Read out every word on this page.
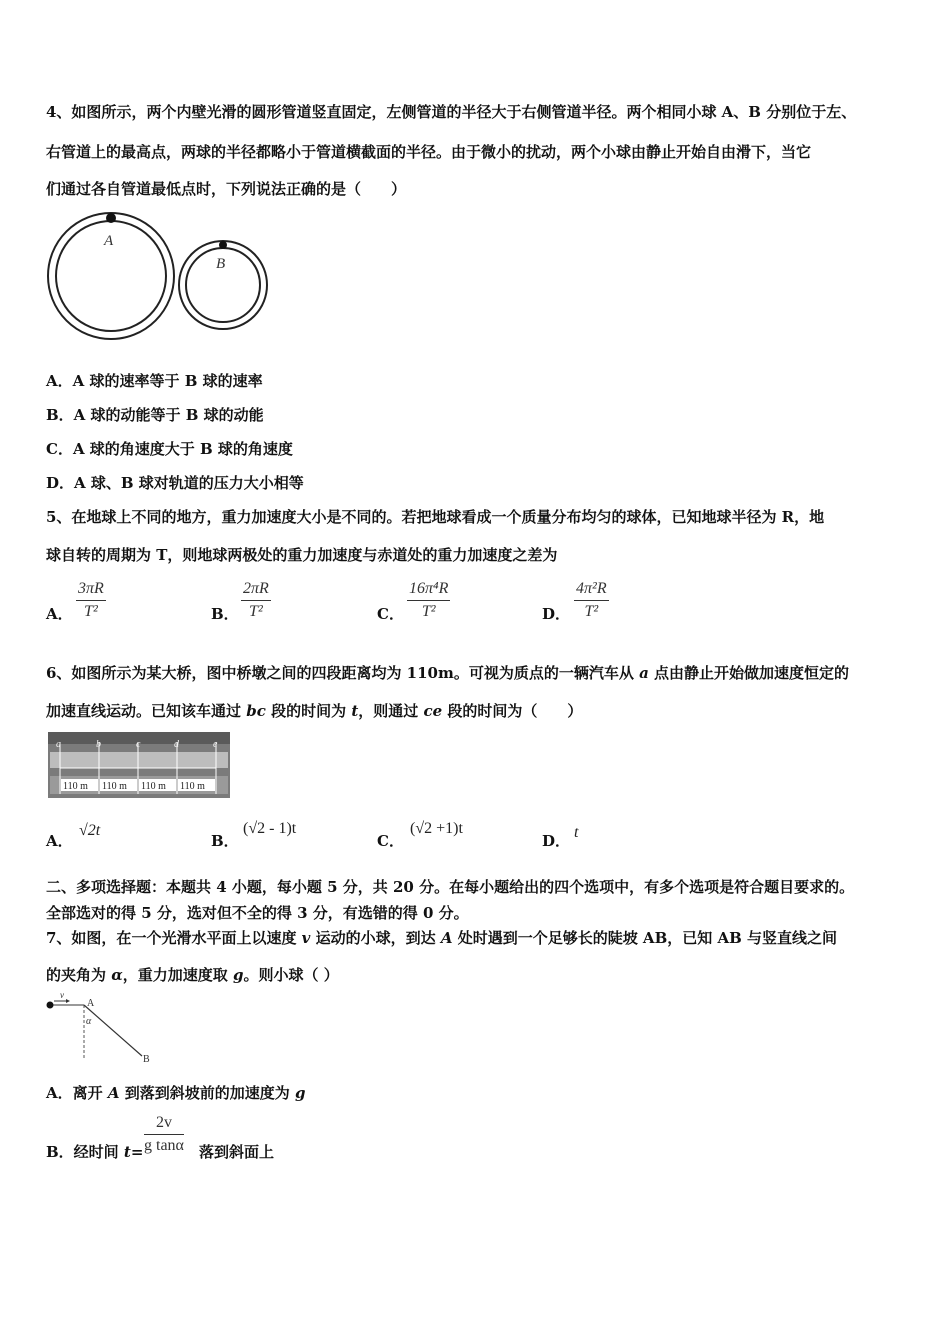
4、如图所示，两个内壁光滑的圆形管道竖直固定，左侧管道的半径大于右侧管道半径。两个相同小球 A、B 分别位于左、
右管道上的最高点，两球的半径都略小于管道横截面的半径。由于微小的扰动，两个小球由静止开始自由滑下，当它
们通过各自管道最低点时，下列说法正确的是（　　）
A
B
A．A 球的速率等于 B 球的速率
B．A 球的动能等于 B 球的动能
C．A 球的角速度大于 B 球的角速度
D．A 球、B 球对轨道的压力大小相等
5、在地球上不同的地方，重力加速度大小是不同的。若把地球看成一个质量分布均匀的球体，已知地球半径为 R，地
球自转的周期为 T，则地球两极处的重力加速度与赤道处的重力加速度之差为
A． $\frac{3\pi R}{\text{T²}}$	B． $\frac{2\pi R}{\text{T²}}$	C． $\frac{\text{16π⁴R}}{\text{T²}}$	D． $\frac{\text{4π²R}}{\text{T²}}$
6、如图所示为某大桥，图中桥墩之间的四段距离均为 110m。可视为质点的一辆汽车从 a 点由静止开始做加速度恒定的
加速直线运动。已知该车通过 bc 段的时间为 t，则通过 ce 段的时间为（　　）
a	b	c	d	e
110 m 110 m 110 m 110 m
A．
√2t
B．
(√2 - 1)t
C．
(√2 +1)t
D． t
二、多项选择题：本题共 4 小题，每小题 5 分，共 20 分。在每小题给出的四个选项中，有多个选项是符合题目要求的。
全部选对的得 5 分，选对但不全的得 3 分，有选错的得 0 分。
7、如图，在一个光滑水平面上以速度 v 运动的小球，到达 A 处时遇到一个足够长的陡坡 AB，已知 AB 与竖直线之间
的夹角为 α，重力加速度取 g。则小球（ ）
v
A
α
B
A．离开 A 到落到斜坡前的加速度为 g
B．经时间 $t= \frac{2v}{\text{g tanα}}$ 落到斜面上
